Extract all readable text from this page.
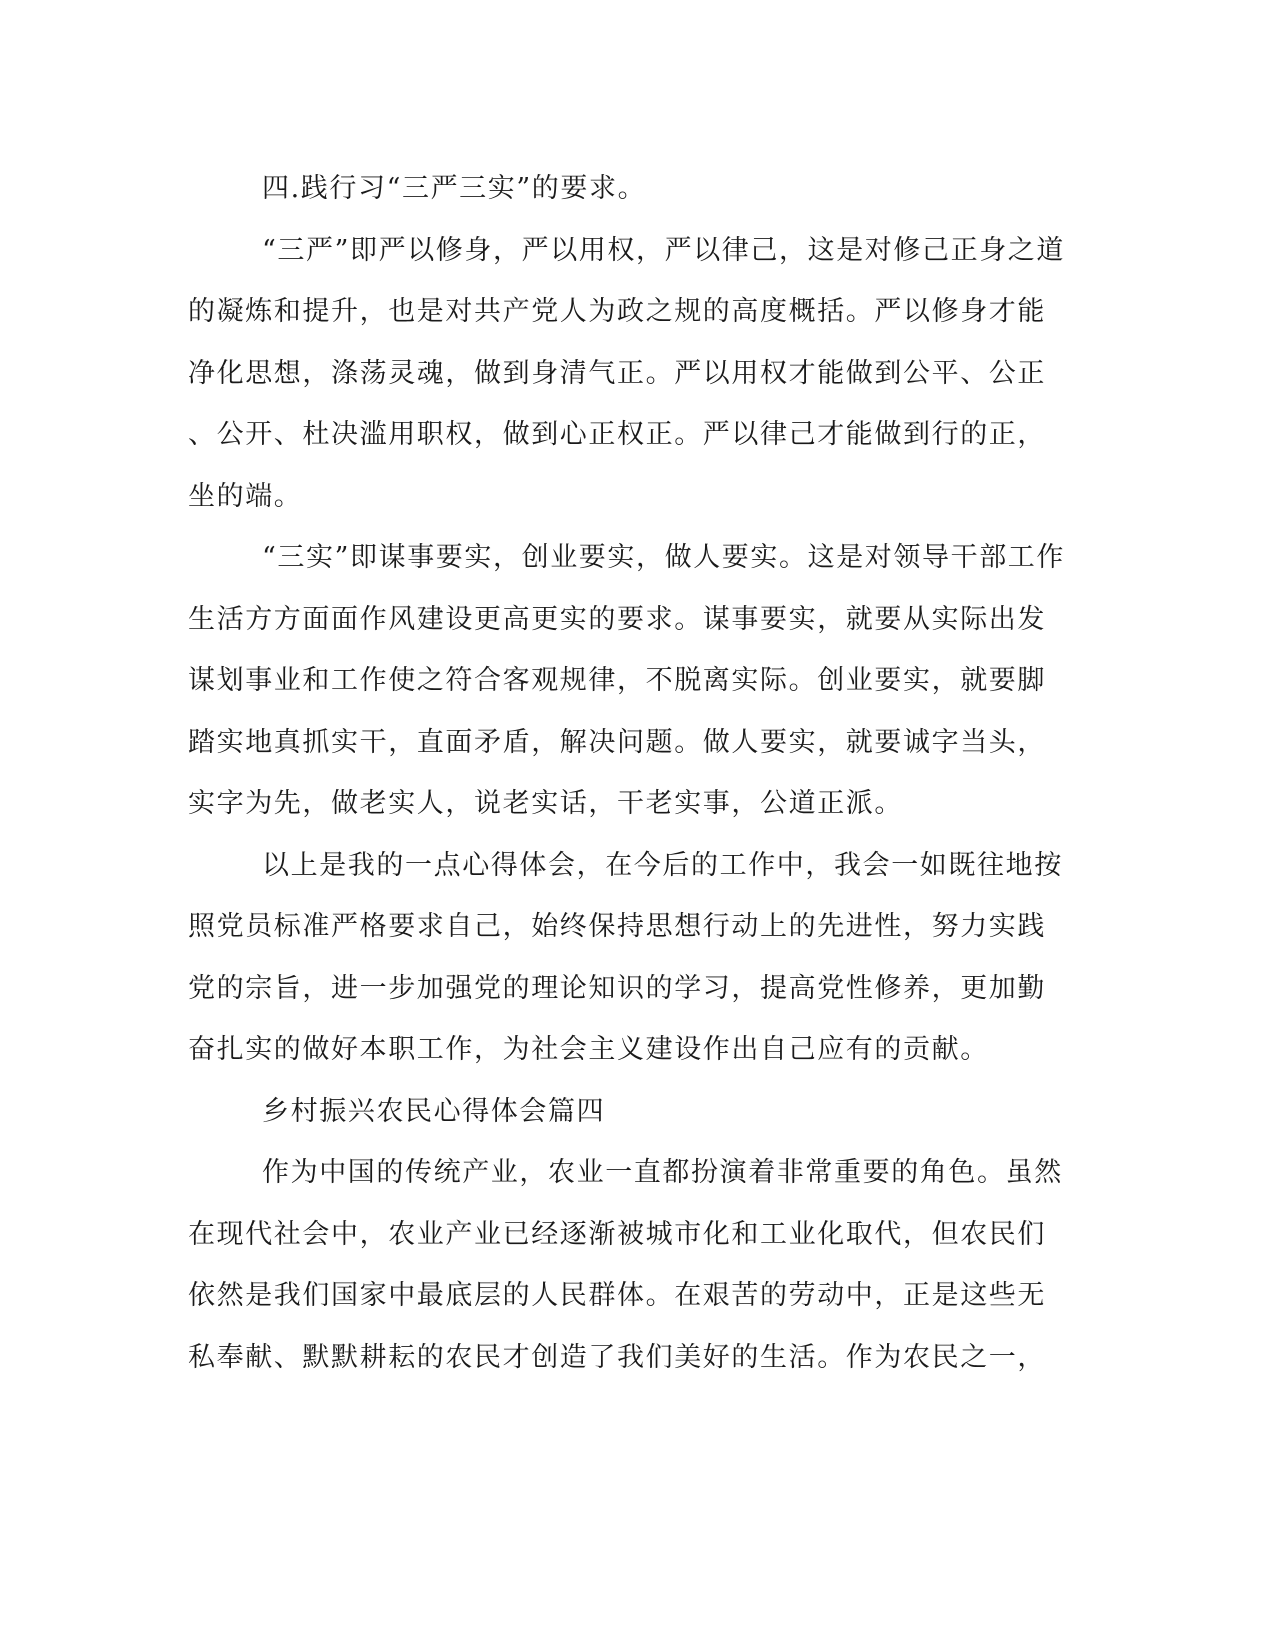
四.践行习“三严三实”的要求。
“三严”即严以修身，严以用权，严以律己，这是对修己正身之道
的凝炼和提升，也是对共产党人为政之规的高度概括。严以修身才能
净化思想，涤荡灵魂，做到身清气正。严以用权才能做到公平、公正
、公开、杜决滥用职权，做到心正权正。严以律己才能做到行的正，
坐的端。
“三实”即谋事要实，创业要实，做人要实。这是对领导干部工作
生活方方面面作风建设更高更实的要求。谋事要实，就要从实际出发
谋划事业和工作使之符合客观规律，不脱离实际。创业要实，就要脚
踏实地真抓实干，直面矛盾，解决问题。做人要实，就要诚字当头，
实字为先，做老实人，说老实话，干老实事，公道正派。
以上是我的一点心得体会，在今后的工作中，我会一如既往地按
照党员标准严格要求自己，始终保持思想行动上的先进性，努力实践
党的宗旨，进一步加强党的理论知识的学习，提高党性修养，更加勤
奋扎实的做好本职工作，为社会主义建设作出自己应有的贡献。
乡村振兴农民心得体会篇四
作为中国的传统产业，农业一直都扮演着非常重要的角色。虽然
在现代社会中，农业产业已经逐渐被城市化和工业化取代，但农民们
依然是我们国家中最底层的人民群体。在艰苦的劳动中，正是这些无
私奉献、默默耕耘的农民才创造了我们美好的生活。作为农民之一，
